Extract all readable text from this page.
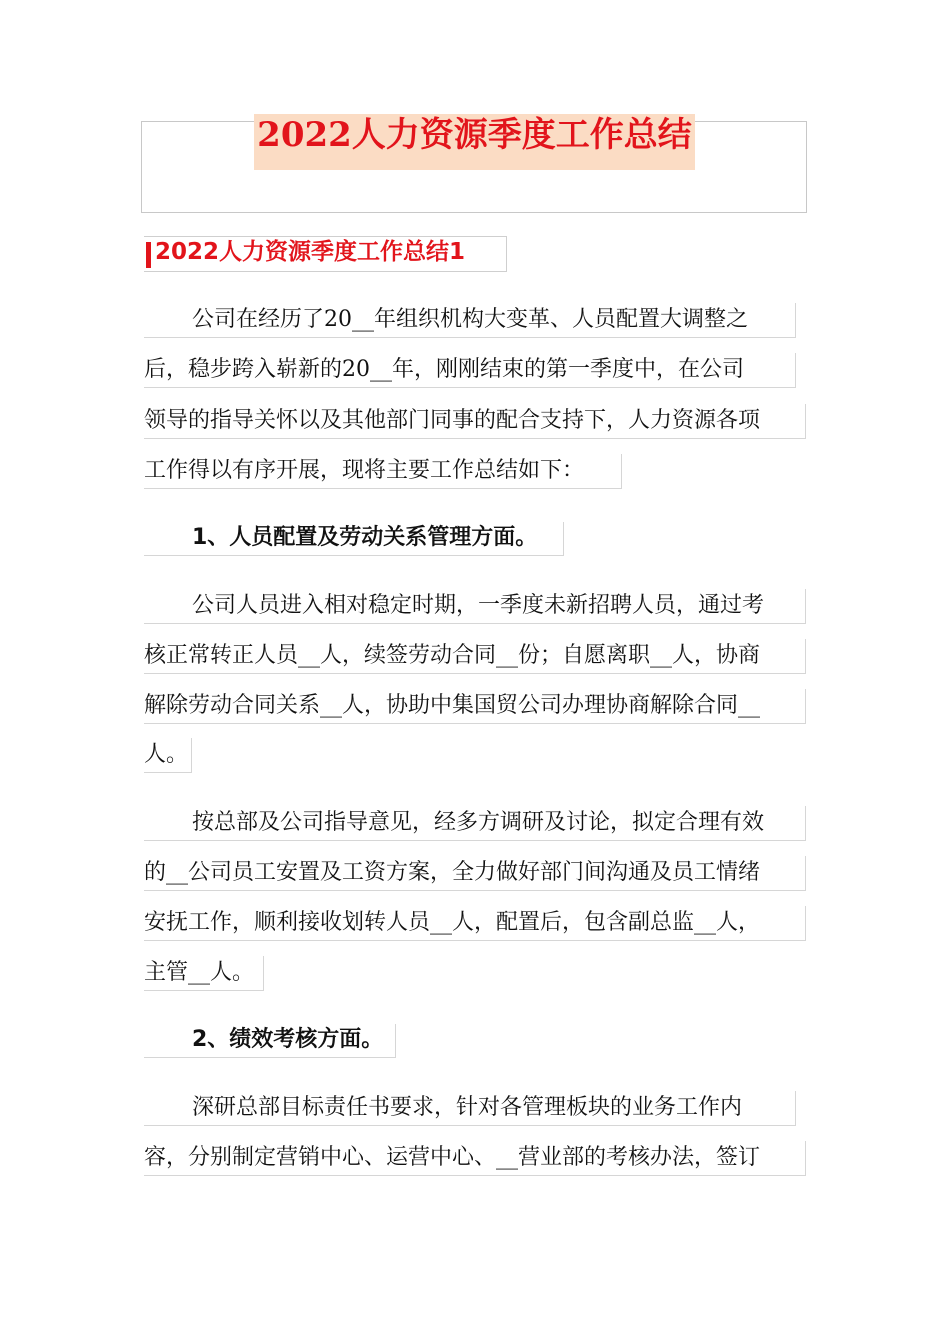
2022人力资源季度工作总结
2022人力资源季度工作总结1
公司在经历了20__年组织机构大变革、人员配置大调整之
后，稳步跨入崭新的20__年，刚刚结束的第一季度中，在公司
领导的指导关怀以及其他部门同事的配合支持下，人力资源各项
工作得以有序开展，现将主要工作总结如下：
1、人员配置及劳动关系管理方面。
公司人员进入相对稳定时期，一季度未新招聘人员，通过考
核正常转正人员__人，续签劳动合同__份；自愿离职__人，协商
解除劳动合同关系__人，协助中集国贸公司办理协商解除合同__
人。
按总部及公司指导意见，经多方调研及讨论，拟定合理有效
的__公司员工安置及工资方案，全力做好部门间沟通及员工情绪
安抚工作，顺利接收划转人员__人，配置后，包含副总监__人，
主管__人。
2、绩效考核方面。
深研总部目标责任书要求，针对各管理板块的业务工作内
容，分别制定营销中心、运营中心、__营业部的考核办法，签订
